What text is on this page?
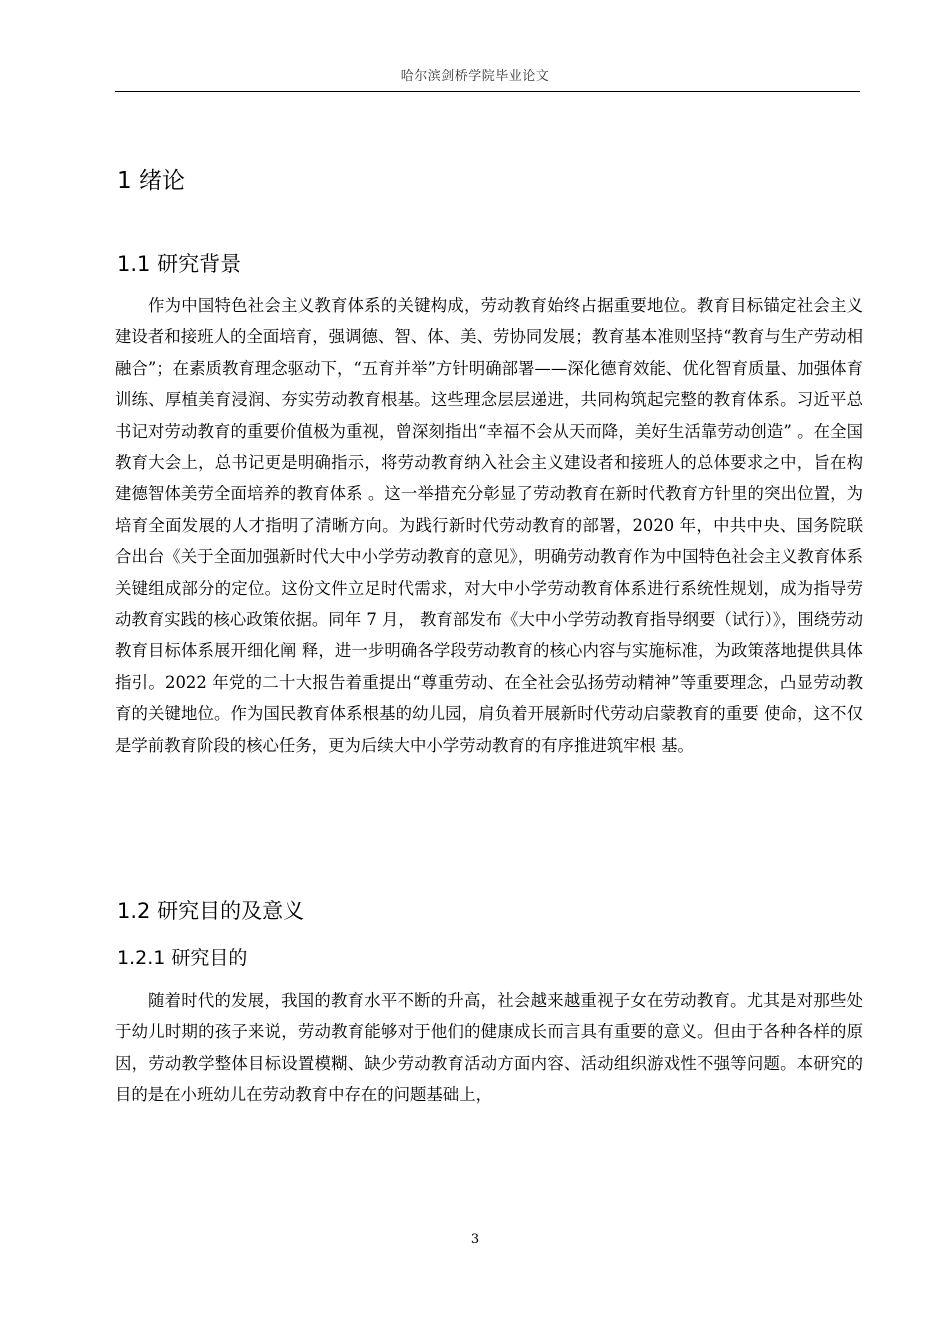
哈尔滨剑桥学院毕业论文
1 绪论
1.1 研究背景
作为中国特色社会主义教育体系的关键构成，劳动教育始终占据重要地位。教育目标锚定社会主义建设者和接班人的全面培育，强调德、智、体、美、劳协同发展；教育基本准则坚持“教育与生产劳动相融合”；在素质教育理念驱动下，“五育并举”方针明确部署——深化德育效能、优化智育质量、加强体育训练、厚植美育浸润、夯实劳动教育根基。这些理念层层递进，共同构筑起完整的教育体系。习近平总书记对劳动教育的重要价值极为重视，曾深刻指出“幸福不会从天而降，美好生活靠劳动创造” 。在全国教育大会上，总书记更是明确指示，将劳动教育纳入社会主义建设者和接班人的总体要求之中，旨在构建德智体美劳全面培养的教育体系 。这一举措充分彰显了劳动教育在新时代教育方针里的突出位置，为培育全面发展的人才指明了清晰方向。为践行新时代劳动教育的部署，2020 年，中共中央、国务院联合出台《关于全面加强新时代大中小学劳动教育的意见》，明确劳动教育作为中国特色社会主义教育体系关键组成部分的定位。这份文件立足时代需求，对大中小学劳动教育体系进行系统性规划，成为指导劳动教育实践的核心政策依据。同年 7 月， 教育部发布《大中小学劳动教育指导纲要（试行）》，围绕劳动教育目标体系展开细化阐 释，进一步明确各学段劳动教育的核心内容与实施标准，为政策落地提供具体指引。2022 年党的二十大报告着重提出“尊重劳动、在全社会弘扬劳动精神”等重要理念，凸显劳动教 育的关键地位。作为国民教育体系根基的幼儿园，肩负着开展新时代劳动启蒙教育的重要 使命，这不仅是学前教育阶段的核心任务，更为后续大中小学劳动教育的有序推进筑牢根 基。
1.2 研究目的及意义
1.2.1 研究目的
随着时代的发展，我国的教育水平不断的升高，社会越来越重视子女在劳动教育。尤其是对那些处于幼儿时期的孩子来说，劳动教育能够对于他们的健康成长而言具有重要的意义。但由于各种各样的原因，劳动教学整体目标设置模糊、缺少劳动教育活动方面内容、活动组织游戏性不强等问题。本研究的目的是在小班幼儿在劳动教育中存在的问题基础上，
3
